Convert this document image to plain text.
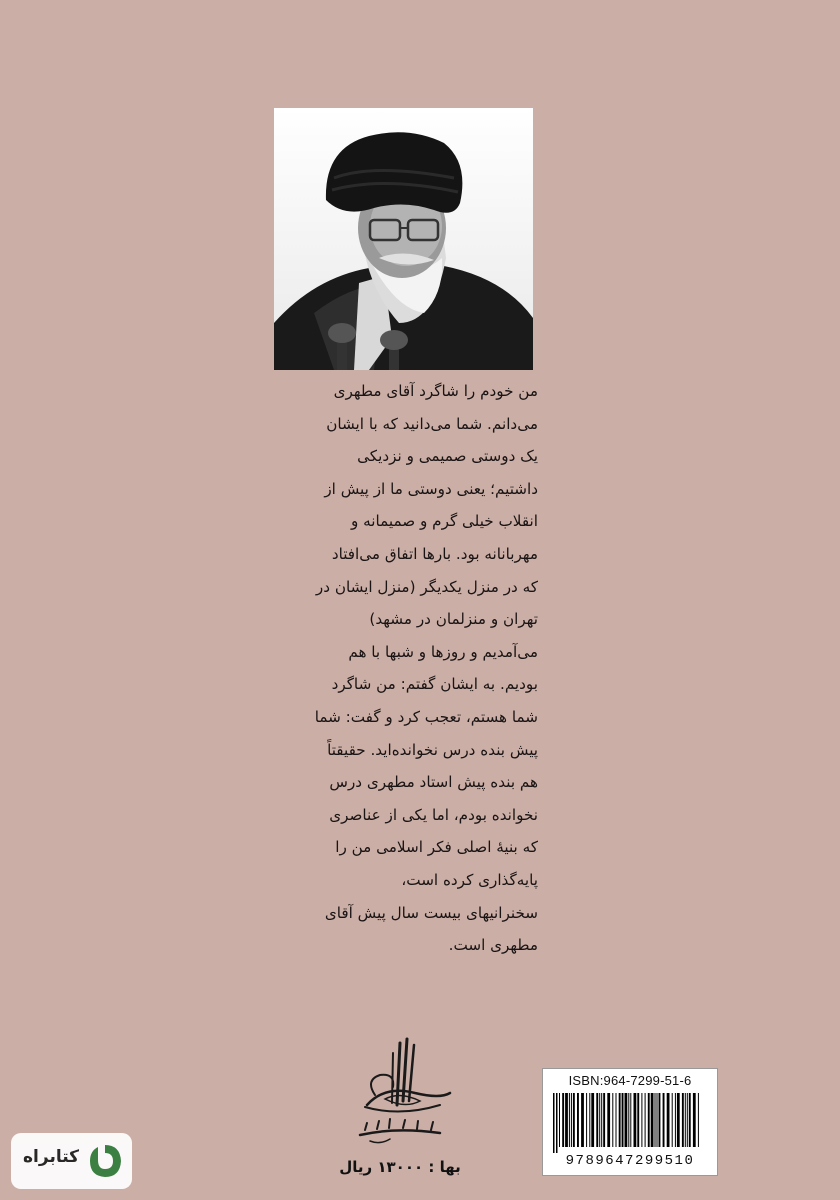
من خودم را شاگرد آقای مطهری
می‌دانم. شما می‌دانید که با ایشان
یک دوستی صمیمی و نزدیکی
داشتیم؛ یعنی دوستی ما از پیش از
انقلاب خیلی گرم و صمیمانه و
مهربانانه بود. بارها اتفاق می‌افتاد
که در منزل یکدیگر (منزل ایشان در
تهران و منزلمان در مشهد)
می‌آمدیم و روزها و شبها با هم
بودیم. به ایشان گفتم: من شاگرد
شما هستم، تعجب کرد و گفت: شما
پیش بنده درس نخوانده‌اید. حقیقتاً
هم بنده پیش استاد مطهری درس
نخوانده بودم، اما یکی از عناصری
که بنیهٔ اصلی فکر اسلامی من را
پایه‌گذاری کرده است،
سخنرانیهای بیست سال پیش آقای
مطهری است.
بها : ۱۳۰۰۰ ریال
ISBN:964-7299-51-6
9789647299510
کتابراه
